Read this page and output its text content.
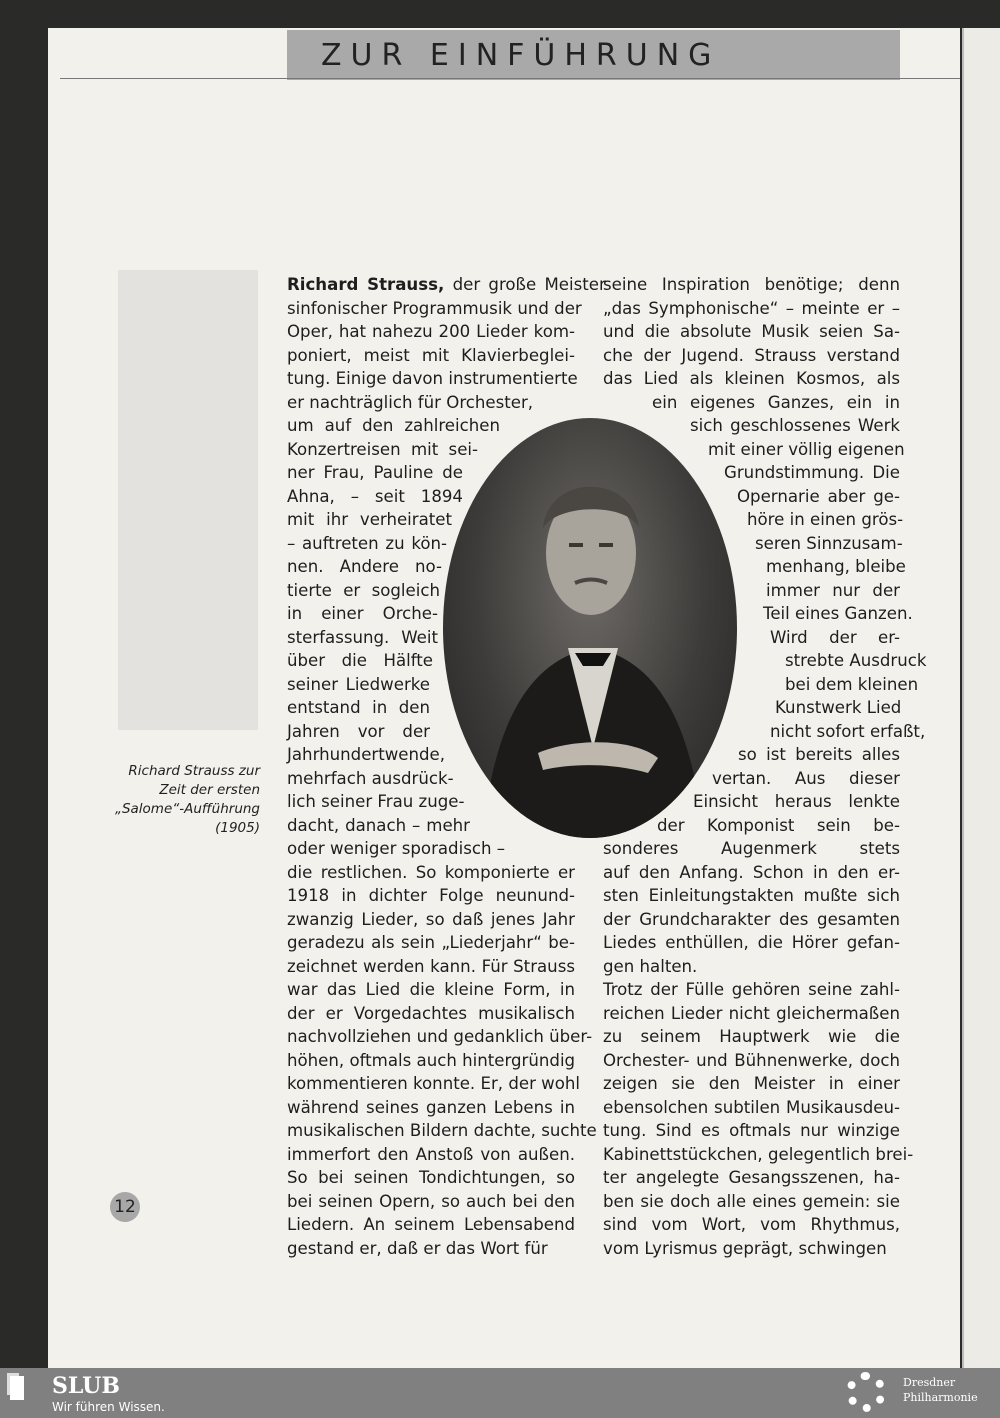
ZUR EINFÜHRUNG
Richard Strauss zur
Zeit der ersten
„Salome“-Aufführung
(1905)
Richard Strauss, der große Meister
sinfonischer Programmusik und der
Oper, hat nahezu 200 Lieder kom-
poniert, meist mit Klavierbeglei-
tung. Einige davon instrumentierte
er nachträglich für Orchester,
um auf den zahlreichen
Konzertreisen mit sei-
ner Frau, Pauline de
Ahna, – seit 1894
mit ihr verheiratet
– auftreten zu kön-
nen. Andere no-
tierte er sogleich
in einer Orche-
sterfassung. Weit
über die Hälfte
seiner Liedwerke
entstand in den
Jahren vor der
Jahrhundertwende,
mehrfach ausdrück-
lich seiner Frau zuge-
dacht, danach – mehr
oder weniger sporadisch –
die restlichen. So komponierte er
1918 in dichter Folge neunund-
zwanzig Lieder, so daß jenes Jahr
geradezu als sein „Liederjahr“ be-
zeichnet werden kann. Für Strauss
war das Lied die kleine Form, in
der er Vorgedachtes musikalisch
nachvollziehen und gedanklich über-
höhen, oftmals auch hintergründig
kommentieren konnte. Er, der wohl
während seines ganzen Lebens in
musikalischen Bildern dachte, suchte
immerfort den Anstoß von außen.
So bei seinen Tondichtungen, so
bei seinen Opern, so auch bei den
Liedern. An seinem Lebensabend
gestand er, daß er das Wort für
seine Inspiration benötige; denn
„das Symphonische“ – meinte er –
und die absolute Musik seien Sa-
che der Jugend. Strauss verstand
das Lied als kleinen Kosmos, als
ein eigenes Ganzes, ein in
sich geschlossenes Werk
mit einer völlig eigenen
Grundstimmung. Die
Opernarie aber ge-
höre in einen grös-
seren Sinnzusam-
menhang, bleibe
immer nur der
Teil eines Ganzen.
Wird der er-
strebte Ausdruck
bei dem kleinen
Kunstwerk Lied
nicht sofort erfaßt,
so ist bereits alles
vertan. Aus dieser
Einsicht heraus lenkte
der Komponist sein be-
sonderes Augenmerk stets
auf den Anfang. Schon in den er-
sten Einleitungstakten mußte sich
der Grundcharakter des gesamten
Liedes enthüllen, die Hörer gefan-
gen halten.
Trotz der Fülle gehören seine zahl-
reichen Lieder nicht gleichermaßen
zu seinem Hauptwerk wie die
Orchester- und Bühnenwerke, doch
zeigen sie den Meister in einer
ebensolchen subtilen Musikausdeu-
tung. Sind es oftmals nur winzige
Kabinettstückchen, gelegentlich brei-
ter angelegte Gesangsszenen, ha-
ben sie doch alle eines gemein: sie
sind vom Wort, vom Rhythmus,
vom Lyrismus geprägt, schwingen
12
SLUB
Wir führen Wissen.
Dresdner
Philharmonie
